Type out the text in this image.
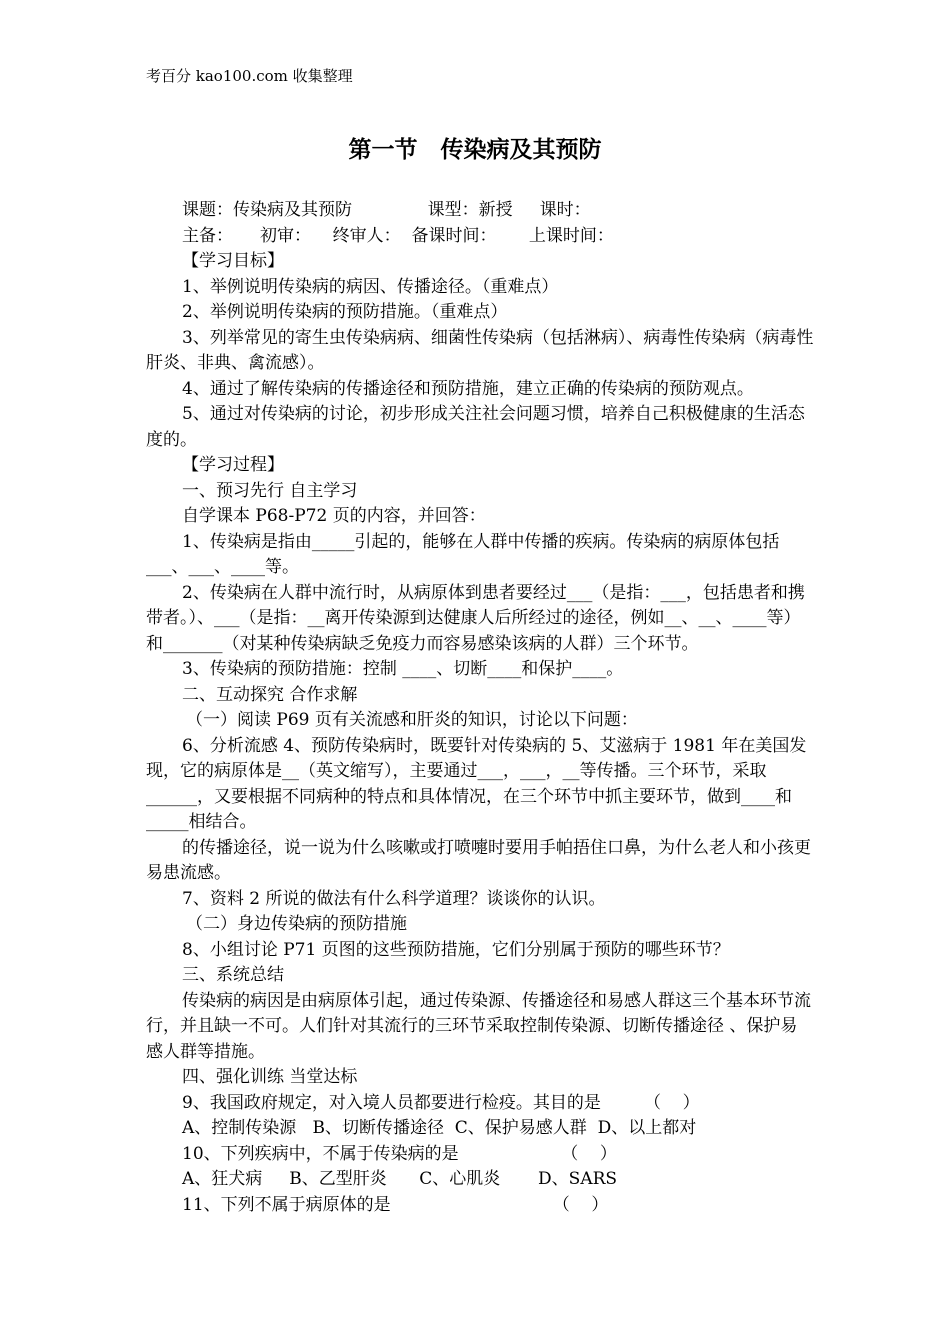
考百分 kao100.com 收集整理
第一节　传染病及其预防

课题：传染病及其预防              课型：新授     课时：

主备：     初审：    终审人：  备课时间：      上课时间：

【学习目标】

1、举例说明传染病的病因、传播途径。（重难点）

2、举例说明传染病的预防措施。（重难点）

3、列举常见的寄生虫传染病病、细菌性传染病（包括淋病）、病毒性传染病（病毒性肝炎、非典、禽流感）。

4、通过了解传染病的传播途径和预防措施，建立正确的传染病的预防观点。

5、通过对传染病的讨论，初步形成关注社会问题习惯，培养自己积极健康的生活态度的。

【学习过程】

一、预习先行 自主学习

自学课本 P68-P72 页的内容，并回答：

1、传染病是指由_____引起的，能够在人群中传播的疾病。传染病的病原体包括___、___、____等。

2、传染病在人群中流行时，从病原体到患者要经过___（是指：___，包括患者和携带者。）、___（是指：__离开传染源到达健康人后所经过的途径，例如__、__、____等）和_______（对某种传染病缺乏免疫力而容易感染该病的人群）三个环节。

3、传染病的预防措施：控制 ____、切断____和保护____。

二、互动探究 合作求解

（一）阅读 P69 页有关流感和肝炎的知识，讨论以下问题：

6、分析流感 4、预防传染病时，既要针对传染病的 5、艾滋病于 1981 年在美国发现，它的病原体是__（英文缩写），主要通过___，___，__等传播。三个环节，采取______，又要根据不同病种的特点和具体情况，在三个环节中抓主要环节，做到____和_____相结合。

的传播途径，说一说为什么咳嗽或打喷嚏时要用手帕捂住口鼻，为什么老人和小孩更易患流感。

7、资料 2 所说的做法有什么科学道理？谈谈你的认识。

（二）身边传染病的预防措施

8、小组讨论 P71 页图的这些预防措施，它们分别属于预防的哪些环节？

三、系统总结

传染病的病因是由病原体引起，通过传染源、传播途径和易感人群这三个基本环节流行，并且缺一不可。人们针对其流行的三环节采取控制传染源、切断传播途径 、保护易感人群等措施。

四、强化训练 当堂达标

9、我国政府规定，对入境人员都要进行检疫。其目的是        （    ）

A、控制传染源   B、切断传播途径  C、保护易感人群  D、以上都对

10、下列疾病中，不属于传染病的是                   （    ）

A、狂犬病     B、乙型肝炎      C、心肌炎       D、SARS

11、下列不属于病原体的是                              （    ）
